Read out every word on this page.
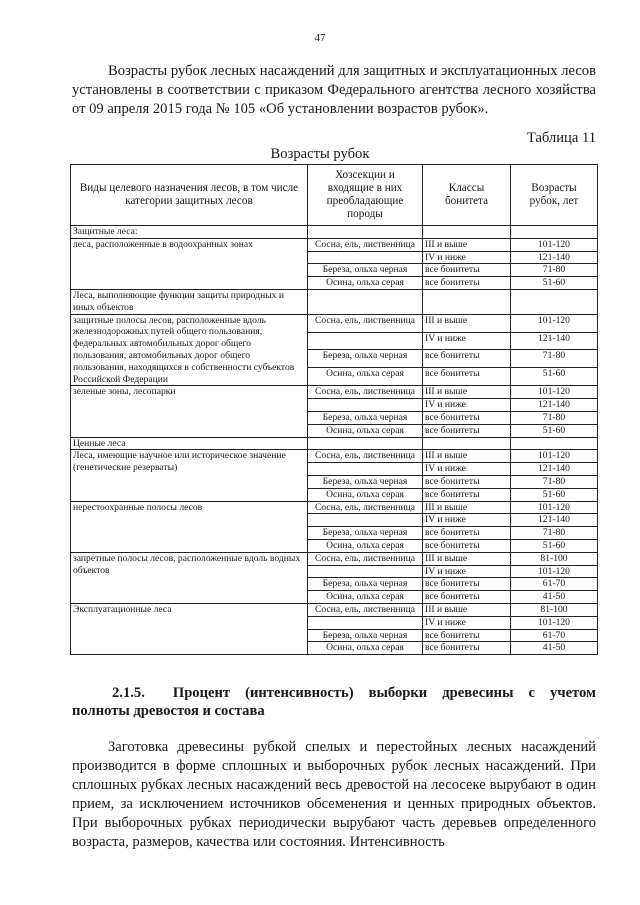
47

Возрасты рубок лесных насаждений для защитных и эксплуатационных лесов установлены в соответствии с приказом Федерального агентства лесного хозяйства от 09 апреля 2015 года № 105 «Об установлении возрастов рубок».

Таблица 11
Возрасты рубок
Виды целевого назначения лесов, в том числе категории защитных лесов	Хозсекции и входящие в них преобладающие породы	Классы бонитета	Возрасты рубок, лет
Защитные леса:			
леса, расположенные в водоохранных зонах	Сосна, ель, лиственница	III и выше	101-120
		IV и ниже	121-140
	Береза, ольха черная	все бонитеты	71-80
	Осина, ольха серая	все бонитеты	51-60
Леса, выполняющие функции защиты природных и иных объектов			
защитные полосы лесов, расположенные вдоль железнодорожных путей общего пользования, федеральных автомобильных дорог общего пользования, автомобильных дорог общего пользования, находящихся в собственности субъектов Российской Федерации	Сосна, ель, лиственница	III и выше	101-120
		IV и ниже	121-140
	Береза, ольха черная	все бонитеты	71-80
	Осина, ольха серая	все бонитеты	51-60
зеленые зоны, лесопарки	Сосна, ель, лиственница	III и выше	101-120
		IV и ниже	121-140
	Береза, ольха черная	все бонитеты	71-80
	Осина, ольха серая	все бонитеты	51-60
Ценные леса			
Леса, имеющие научное или историческое значение (генетические резерваты)	Сосна, ель, лиственница	III и выше	101-120
		IV и ниже	121-140
	Береза, ольха черная	все бонитеты	71-80
	Осина, ольха серая	все бонитеты	51-60
нерестоохранные полосы лесов	Сосна, ель, лиственница	III и выше	101-120
		IV и ниже	121-140
	Береза, ольха черная	все бонитеты	71-80
	Осина, ольха серая	все бонитеты	51-60
запретные полосы лесов, расположенные вдоль водных объектов	Сосна, ель, лиственница	III и выше	81-100
		IV и ниже	101-120
	Береза, ольха черная	все бонитеты	61-70
	Осина, ольха серая	все бонитеты	41-50
Эксплуатационные леса	Сосна, ель, лиственница	III и выше	81-100
		IV и ниже	101-120
	Береза, ольха черная	все бонитеты	61-70
	Осина, ольха серая	все бонитеты	41-50
2.1.5. Процент (интенсивность) выборки древесины с учетом полноты древостоя и состава

Заготовка древесины рубкой спелых и перестойных лесных насаждений производится в форме сплошных и выборочных рубок лесных насаждений. При сплошных рубках лесных насаждений весь древостой на лесосеке вырубают в один прием, за исключением источников обсеменения и ценных природных объектов. При выборочных рубках периодически вырубают часть деревьев определенного возраста, размеров, качества или состояния. Интенсивность
